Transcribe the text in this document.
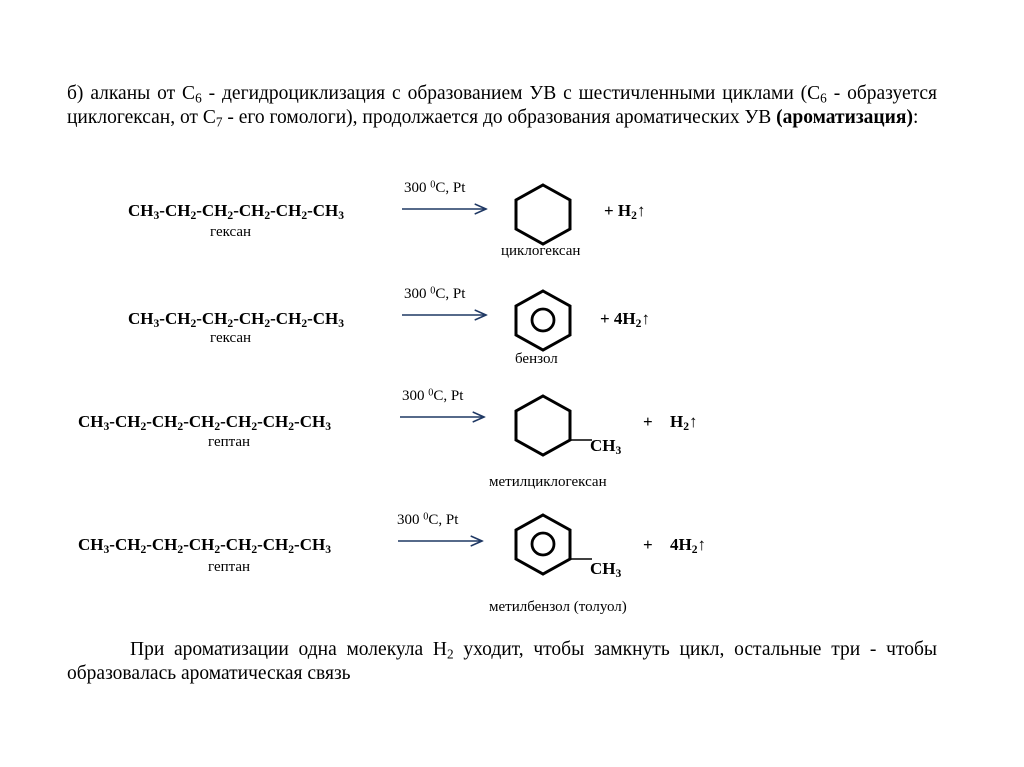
б) алканы от $С_6$ - дегидроциклизация с образованием УВ с шестичленными циклами ($С_6$ - образуется циклогексан, от $С_7$ - его гомологи), продолжается до образования ароматических УВ (ароматизация):
$CH_3-CH_2-CH_2-CH_2-CH_2-CH_3$
гексан
300 $^0$C, Pt
+ $H_2↑$
циклогексан
$CH_3-CH_2-CH_2-CH_2-CH_2-CH_3$
гексан
300 $^0$C, Pt
+ $4H_2↑$
бензол
$CH_3-CH_2-CH_2-CH_2-CH_2-CH_2-CH_3$
гептан
300 $^0$C, Pt
$CH_3$
+ $H_2↑$
метилциклогексан
$CH_3-CH_2-CH_2-CH_2-CH_2-CH_2-CH_3$
гептан
300 $^0$C, Pt
$CH_3$
+ $4H_2↑$
метилбензол (толуол)
При ароматизации одна молекула $Н_2$ уходит, чтобы замкнуть цикл, остальные три - чтобы образовалась ароматическая связь
